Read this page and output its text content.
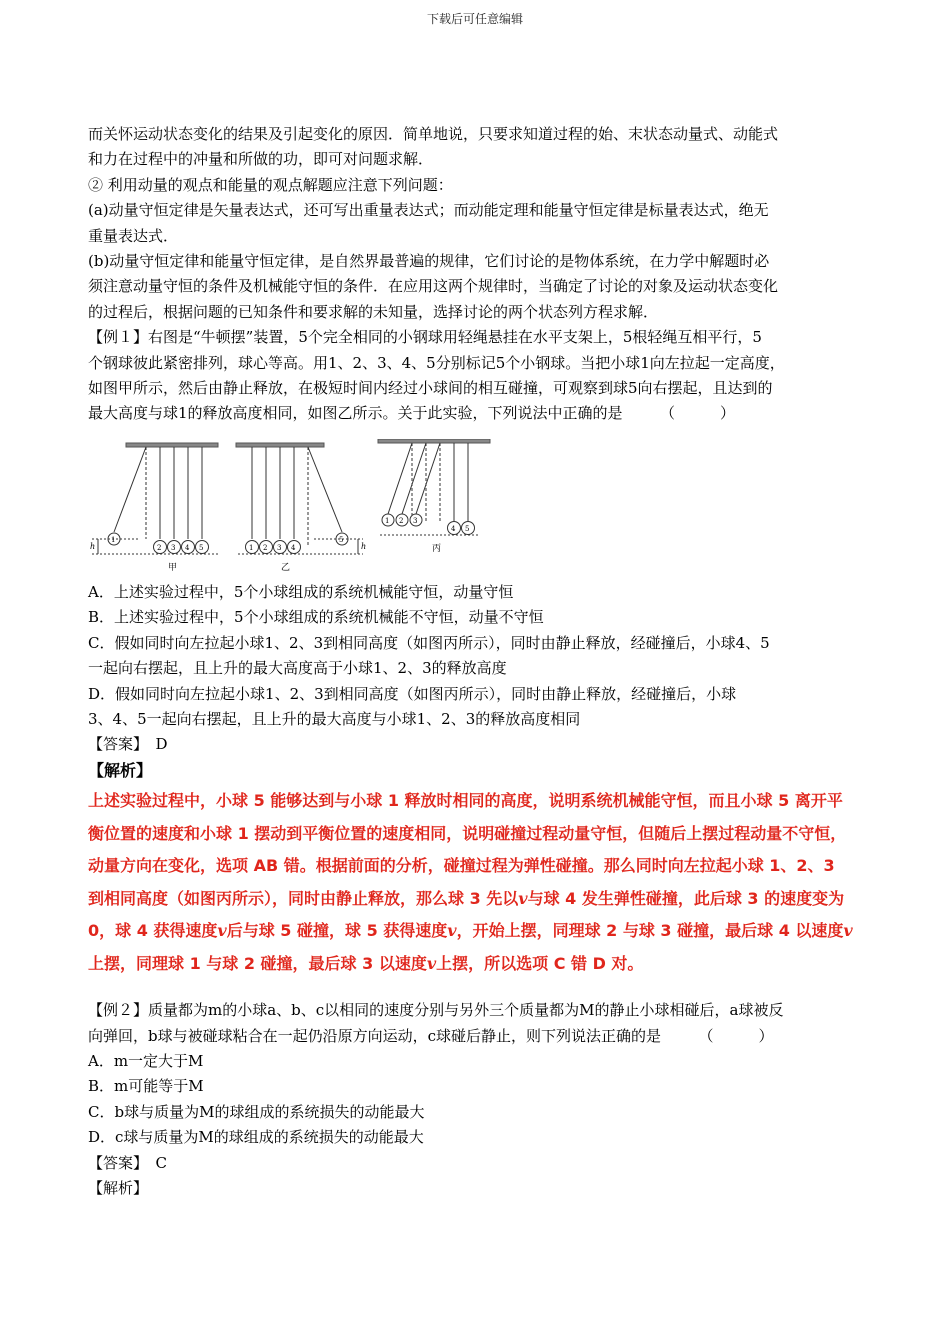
下载后可任意编辑

而关怀运动状态变化的结果及引起变化的原因．简单地说，只要求知道过程的始、末状态动量式、动能式

和力在过程中的冲量和所做的功，即可对问题求解．

② 利用动量的观点和能量的观点解题应注意下列问题：

(a)动量守恒定律是矢量表达式，还可写出重量表达式；而动能定理和能量守恒定律是标量表达式，绝无

重量表达式．

(b)动量守恒定律和能量守恒定律，是自然界最普遍的规律，它们讨论的是物体系统，在力学中解题时必

须注意动量守恒的条件及机械能守恒的条件．在应用这两个规律时，当确定了讨论的对象及运动状态变化

的过程后，根据问题的已知条件和要求解的未知量，选择讨论的两个状态列方程求解．

【例１】右图是“牛顿摆”装置，5个完全相同的小钢球用轻绳悬挂在水平支架上，5根轻绳互相平行，5

个钢球彼此紧密排列，球心等高。用1、2、3、4、5分别标记5个小钢球。当把小球1向左拉起一定高度，

如图甲所示，然后由静止释放，在极短时间内经过小球间的相互碰撞，可观察到球5向右摆起，且达到的

最大高度与球1的释放高度相同，如图乙所示。关于此实验，下列说法中正确的是　　　（　　　）

1
2 3 4 5
h
甲
1 2 3 4
5
h
乙
1 2 3
4 5
丙

A．上述实验过程中，5个小球组成的系统机械能守恒，动量守恒

B．上述实验过程中，5个小球组成的系统机械能不守恒，动量不守恒

C．假如同时向左拉起小球1、2、3到相同高度（如图丙所示），同时由静止释放，经碰撞后，小球4、5

一起向右摆起，且上升的最大高度高于小球1、2、3的释放高度

D．假如同时向左拉起小球1、2、3到相同高度（如图丙所示），同时由静止释放，经碰撞后，小球

3、4、5一起向右摆起，且上升的最大高度与小球1、2、3的释放高度相同

【答案】　D

【解析】

上述实验过程中，小球 5 能够达到与小球 1 释放时相同的高度，说明系统机械能守恒，而且小球 5 离开平

衡位置的速度和小球 1 摆动到平衡位置的速度相同，说明碰撞过程动量守恒，但随后上摆过程动量不守恒，

动量方向在变化，选项 AB 错。根据前面的分析，碰撞过程为弹性碰撞。那么同时向左拉起小球 1、2、3

到相同高度（如图丙所示），同时由静止释放，那么球 3 先以v与球 4 发生弹性碰撞，此后球 3 的速度变为

0，球 4 获得速度v后与球 5 碰撞，球 5 获得速度v，开始上摆，同理球 2 与球 3 碰撞，最后球 4 以速度v

上摆，同理球 1 与球 2 碰撞，最后球 3 以速度v上摆，所以选项 C 错 D 对。

【例２】质量都为m的小球a、b、c以相同的速度分别与另外三个质量都为M的静止小球相碰后，a球被反

向弹回，b球与被碰球粘合在一起仍沿原方向运动，c球碰后静止，则下列说法正确的是　　　（　　　）

A．m一定大于M

B．m可能等于M

C．b球与质量为M的球组成的系统损失的动能最大

D．c球与质量为M的球组成的系统损失的动能最大

【答案】　C

【解析】
